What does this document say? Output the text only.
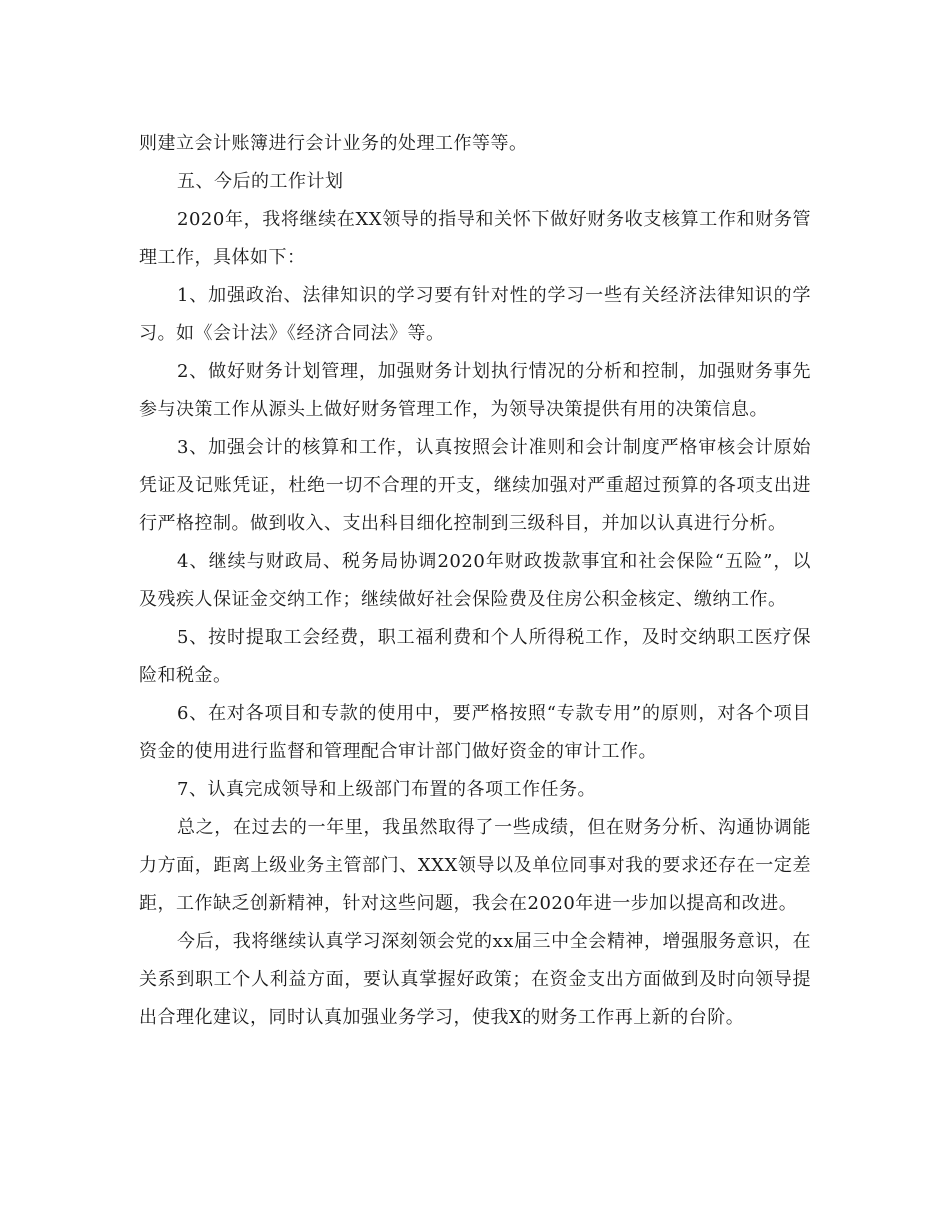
则建立会计账簿进行会计业务的处理工作等等。

五、今后的工作计划

2020年，我将继续在XX领导的指导和关怀下做好财务收支核算工作和财务管理工作，具体如下：

1、加强政治、法律知识的学习要有针对性的学习一些有关经济法律知识的学习。如《会计法》《经济合同法》等。

2、做好财务计划管理，加强财务计划执行情况的分析和控制，加强财务事先参与决策工作从源头上做好财务管理工作，为领导决策提供有用的决策信息。

3、加强会计的核算和工作，认真按照会计准则和会计制度严格审核会计原始凭证及记账凭证，杜绝一切不合理的开支，继续加强对严重超过预算的各项支出进行严格控制。做到收入、支出科目细化控制到三级科目，并加以认真进行分析。

4、继续与财政局、税务局协调2020年财政拨款事宜和社会保险“五险”，以及残疾人保证金交纳工作；继续做好社会保险费及住房公积金核定、缴纳工作。

5、按时提取工会经费，职工福利费和个人所得税工作，及时交纳职工医疗保险和税金。

6、在对各项目和专款的使用中，要严格按照“专款专用”的原则，对各个项目资金的使用进行监督和管理配合审计部门做好资金的审计工作。

7、认真完成领导和上级部门布置的各项工作任务。

总之，在过去的一年里，我虽然取得了一些成绩，但在财务分析、沟通协调能力方面，距离上级业务主管部门、XXX领导以及单位同事对我的要求还存在一定差距，工作缺乏创新精神，针对这些问题，我会在2020年进一步加以提高和改进。

今后，我将继续认真学习深刻领会党的xx届三中全会精神，增强服务意识，在关系到职工个人利益方面，要认真掌握好政策；在资金支出方面做到及时向领导提出合理化建议，同时认真加强业务学习，使我X的财务工作再上新的台阶。
